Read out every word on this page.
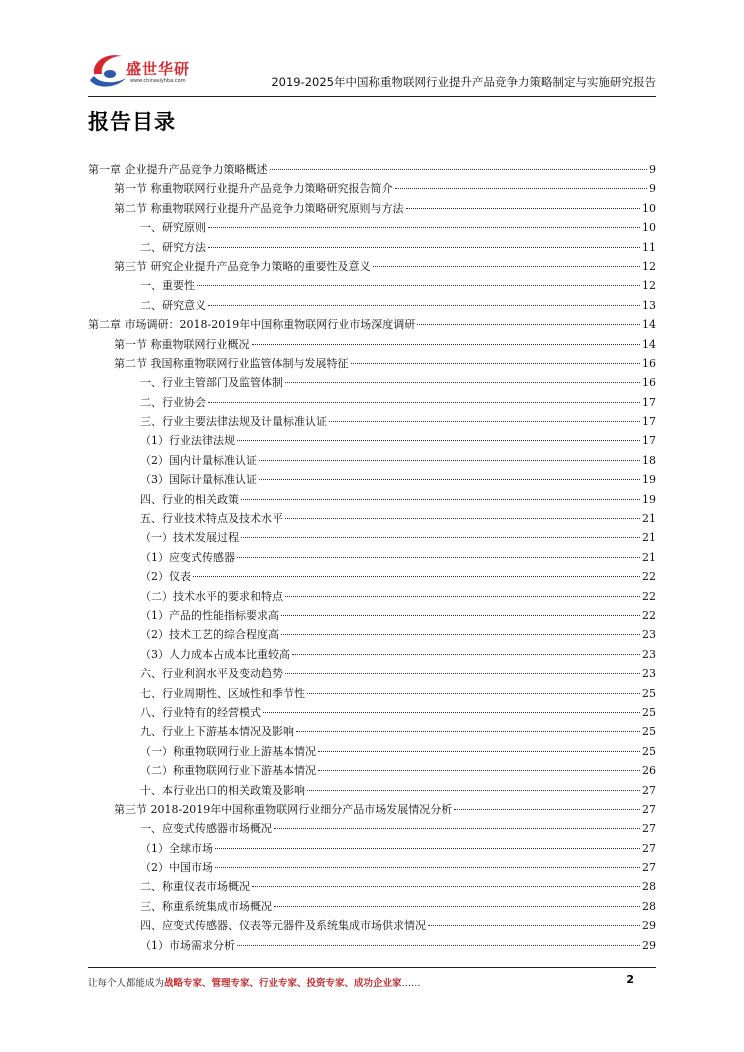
盛世华研
www.chinasiyhba.com	2019-2025年中国称重物联网行业提升产品竞争力策略制定与实施研究报告
报告目录
第一章 企业提升产品竞争力策略概述	9
第一节 称重物联网行业提升产品竞争力策略研究报告简介	9
第二节 称重物联网行业提升产品竞争力策略研究原则与方法	10
一、研究原则	10
二、研究方法	11
第三节 研究企业提升产品竞争力策略的重要性及意义	12
一、重要性	12
二、研究意义	13
第二章 市场调研：2018-2019年中国称重物联网行业市场深度调研	14
第一节 称重物联网行业概况	14
第二节 我国称重物联网行业监管体制与发展特征	16
一、行业主管部门及监管体制	16
二、行业协会	17
三、行业主要法律法规及计量标准认证	17
（1）行业法律法规	17
（2）国内计量标准认证	18
（3）国际计量标准认证	19
四、行业的相关政策	19
五、行业技术特点及技术水平	21
（一）技术发展过程	21
（1）应变式传感器	21
（2）仪表	22
（二）技术水平的要求和特点	22
（1）产品的性能指标要求高	22
（2）技术工艺的综合程度高	23
（3）人力成本占成本比重较高	23
六、行业利润水平及变动趋势	23
七、行业周期性、区域性和季节性	25
八、行业特有的经营模式	25
九、行业上下游基本情况及影响	25
（一）称重物联网行业上游基本情况	25
（二）称重物联网行业下游基本情况	26
十、本行业出口的相关政策及影响	27
第三节 2018-2019年中国称重物联网行业细分产品市场发展情况分析	27
一、应变式传感器市场概况	27
（1）全球市场	27
（2）中国市场	27
二、称重仪表市场概况	28
三、称重系统集成市场概况	28
四、应变式传感器、仪表等元器件及系统集成市场供求情况	29
（1）市场需求分析	29
让每个人都能成为战略专家、管理专家、行业专家、投资专家、成功企业家……	2
